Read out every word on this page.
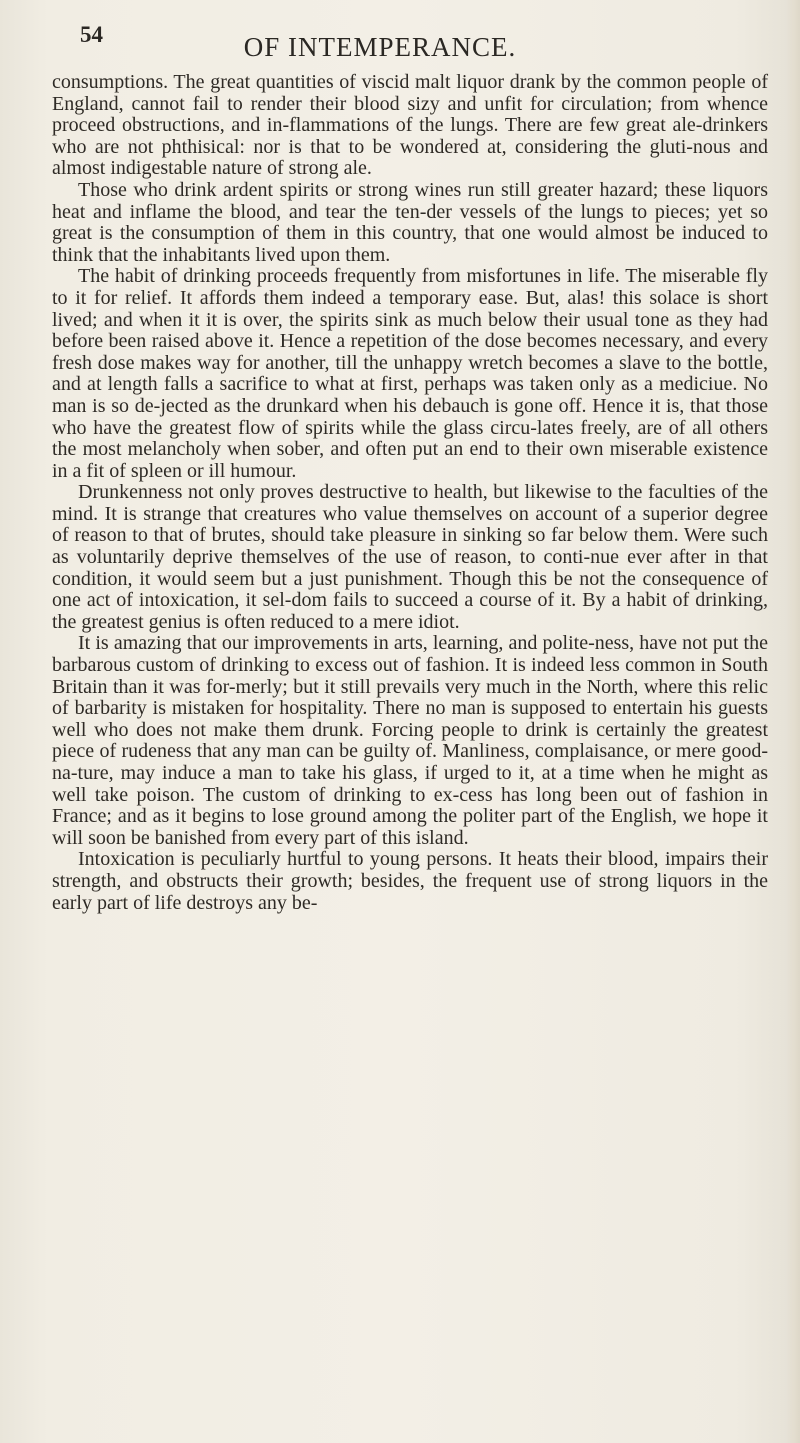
54	OF INTEMPERANCE.

consumptions. The great quantities of viscid malt liquor drank by the common people of England, cannot fail to render their blood sizy and unfit for circulation; from whence proceed obstructions, and in-flammations of the lungs. There are few great ale-drinkers who are not phthisical: nor is that to be wondered at, considering the gluti-nous and almost indigestable nature of strong ale.

Those who drink ardent spirits or strong wines run still greater hazard; these liquors heat and inflame the blood, and tear the ten-der vessels of the lungs to pieces; yet so great is the consumption of them in this country, that one would almost be induced to think that the inhabitants lived upon them.

The habit of drinking proceeds frequently from misfortunes in life. The miserable fly to it for relief. It affords them indeed a temporary ease. But, alas! this solace is short lived; and when it it is over, the spirits sink as much below their usual tone as they had before been raised above it. Hence a repetition of the dose becomes necessary, and every fresh dose makes way for another, till the unhappy wretch becomes a slave to the bottle, and at length falls a sacrifice to what at first, perhaps was taken only as a mediciue. No man is so de-jected as the drunkard when his debauch is gone off. Hence it is, that those who have the greatest flow of spirits while the glass circu-lates freely, are of all others the most melancholy when sober, and often put an end to their own miserable existence in a fit of spleen or ill humour.

Drunkenness not only proves destructive to health, but likewise to the faculties of the mind. It is strange that creatures who value themselves on account of a superior degree of reason to that of brutes, should take pleasure in sinking so far below them. Were such as voluntarily deprive themselves of the use of reason, to conti-nue ever after in that condition, it would seem but a just punishment. Though this be not the consequence of one act of intoxication, it sel-dom fails to succeed a course of it. By a habit of drinking, the greatest genius is often reduced to a mere idiot.

It is amazing that our improvements in arts, learning, and polite-ness, have not put the barbarous custom of drinking to excess out of fashion. It is indeed less common in South Britain than it was for-merly; but it still prevails very much in the North, where this relic of barbarity is mistaken for hospitality. There no man is supposed to entertain his guests well who does not make them drunk. Forcing people to drink is certainly the greatest piece of rudeness that any man can be guilty of. Manliness, complaisance, or mere good-na-ture, may induce a man to take his glass, if urged to it, at a time when he might as well take poison. The custom of drinking to ex-cess has long been out of fashion in France; and as it begins to lose ground among the politer part of the English, we hope it will soon be banished from every part of this island.

Intoxication is peculiarly hurtful to young persons. It heats their blood, impairs their strength, and obstructs their growth; besides, the frequent use of strong liquors in the early part of life destroys any be-
